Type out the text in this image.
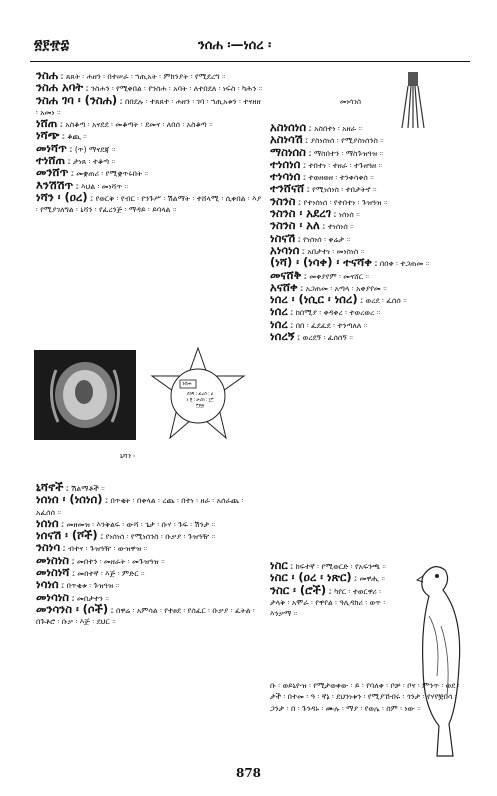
፳፻፹፰	ንሰሐ ፡—ነሰረ ፡
ንስሐ ፤ ጸጸት ፡ ሐዘን ፡ በተሠራ ፡ ኀጢአት ፡ ምክንያት ፡ የሚደረግ ።
ንስሐ አባት ፤ ንስሐን ፡ የሚቀበል ፡ የንስሐ ፡ አባት ፡ ለተበደለ ፡ ነፍስ ፡ ካሕን ።
ንስሐ ገባ ፡ (ንስሐ) ፤ በበደሉ ፡ ተጸጸተ ፡ ሐዘን ፡ ገባ ፡ ኀጢአቱን ፡ ተናዘዘ ፡ አመነ ።
ነሸጠ ፤ አስቆጣ ፡ አናደደ ፡ መቆጣት ፡ ደመና ፡ ለበሰ ፡ አስቆጣ ።
ነሻጭ ፤ ቆጪ ።
መነሻጥ ፤ (ጥ) ማናደጃ ።
ተነሸጠ ፤ ታነጸ ፡ ተቆጣ ።
መንሸጥ ፤ መቋጠሪ ፡ የሚቋጥሩበት ።
እንሽሽጥ ፤ እህል ፡ መነሻጥ ።
ነሻን ፡ (ዐረ) ፤ የወርቅ ፡ የብር ፡ የንጉሥ ፡ ሽልማት ፡ ተሸላሚ ፡ ሲቀበል ፡ እያ ፡ የሚያገለግል ፡ ኒሻን ፡ የፈረንጅ ፡ ማዳይ ፡ ይባላል ።
ንሰሐ
ሰንግ ፡ ፈረስ ፡ ሀ
፤ ፬ ፡ ታሪክ ፡ ፲፫
፫፻፳
ኒሻን ፡
ኒሻኖች ፤ ሽልማቶች ።
ነሰነሰ ፡ (ነሰነሰ) ፤ በጥቂት ፡ በቀላል ፡ ረጨ ፡ በተነ ፡ ዘራ ፡ አሰራጨ ፡ አፈሰሰ ።
ነሰነሰ ፤ መዘመዝ ፡ እንቅልፍ ፡ ውሻ ፡ ጌታ ፡ ቡሃ ፡ ጉፍ ፡ ሽንታ ።
ነሰናሽ ፡ (ሾች) ፤ የነሰነሰ ፡ የሚነሰንስ ፡ ቡቃያ ፡ ጉዝጓዥ ።
ንስነሳ ፤ ብተና ፡ ጉዝጓዥ ፡ ውዝዋዝ ።
መነስነስ ፤ መበተን ፡ መዘራት ፡ መጉዝጓዝ ።
መነስነሻ ፤ መበተኛ ፡ እጅ ፡ ምድር ።
ነሳነሰ ፤ በጥቂቱ ፡ ጉዝጓዝ ።
መነሳነስ ፤ መበታተን ።
መንሳንስ ፡ (ሶች) ፤ በዋሬ ፡ አምሳል ፡ የተፀደ ፡ የሰፈር ፡ ቡቃያ ፡ ፈትል ፡ በጉቶሮ ፡ ቡቃ ፡ እጅ ፡ ደህር ።
መነሳንስ
አስነሰነሰ ፤ አስበተነ ፡ አዘራ ።
አስነሳሽ ፤ ያስነሰነሰ ፡ የሚያስነሰንስ ።
ማስነሰስ ፤ ማስበተን ፡ ማስጉዝጓዝ ።
ተነሰነሰ ፤ ተበተነ ፡ ተዘራ ፡ ተጉዘጓዘ ።
ተነሳነሰ ፤ ተወዘወዘ ፡ ተንቀሳቀሰ ።
ተንሸናሸ ፤ የሚነሰነስ ፡ ተበታትኖ ።
ንስንስ ፤ የተነሰነሰ ፡ የተበተነ ፡ ጉዝጓዝ ።
ንስንስ ፡ አደረገ ፤ ነሰነሰ ።
ንስንስ ፡ አለ ፤ ተነሰነሰ ።
ነስናሽ ፤ የነሰነሰ ፡ ቀሬታ ።
አነሳነሰ ፤ አበታተነ ፡ መነስነስ ።
(ነሻ) ፡ (ነሳቀ) ፡ ተናሻቀ ፤ በበቀ ፡ ተጋጠመ ።
መናሸቅ ፤ መቀያየም ፡ መናሸር ።
አናሸቀ ፤ አጋጠመ ፡ አጣላ ፡ አቀያየመ ።
ነሰረ ፡ (ነሲር ፡ ነሰረ) ፤ ወረደ ፡ ፈሰሰ ።
ነሰረ ፤ ከበሚያ ፡ ቀዳቀረ ፡ ተወረወረ ።
ነሰረ ፤ በበ ፡ ፈደፈደ ፡ ተንጣለለ ።
ነሰረኝ ፤ ወረደኝ ፡ ፈሰሰኝ ።
ነስር ፤ ከፍተኛ ፡ የሚወርድ ፡ የአፍንጫ ።
ነስር ፡ (ዐረ ፡ ነጽር) ፤ መዋሒ ።
ንስር ፡ (ሮች) ፤ ካየር ፡ ተወርዋሪ ፡ ታላቅ ፡ አሞራ ፡ የዋየል ፡ ዓሊዳክሪ ፡ ወጥ ፡ እንቃማ ።
ቡ ፡ ወይኒዮዝ ፡ የሚታወቀው ፡ ይ ፡ የባለቀ ፡ ቦቻ ፡ ቦና ፡ ምንጥ ፡ ወደ ፡ ታች ፡ በተመ ፡ ዓ ፡ ኛኔ ፡ ደህንነቱን ፡ የሚያኸብሩ ፡ ጎንታ ፡ የሃየቿበሳ ፡ ጋንታ ፡ በ ፡ ጉንዳኑ ፡ ሙሉ ፡ ማያ ፡ የወሌ ፡ ስም ፡ ነው ።
878
